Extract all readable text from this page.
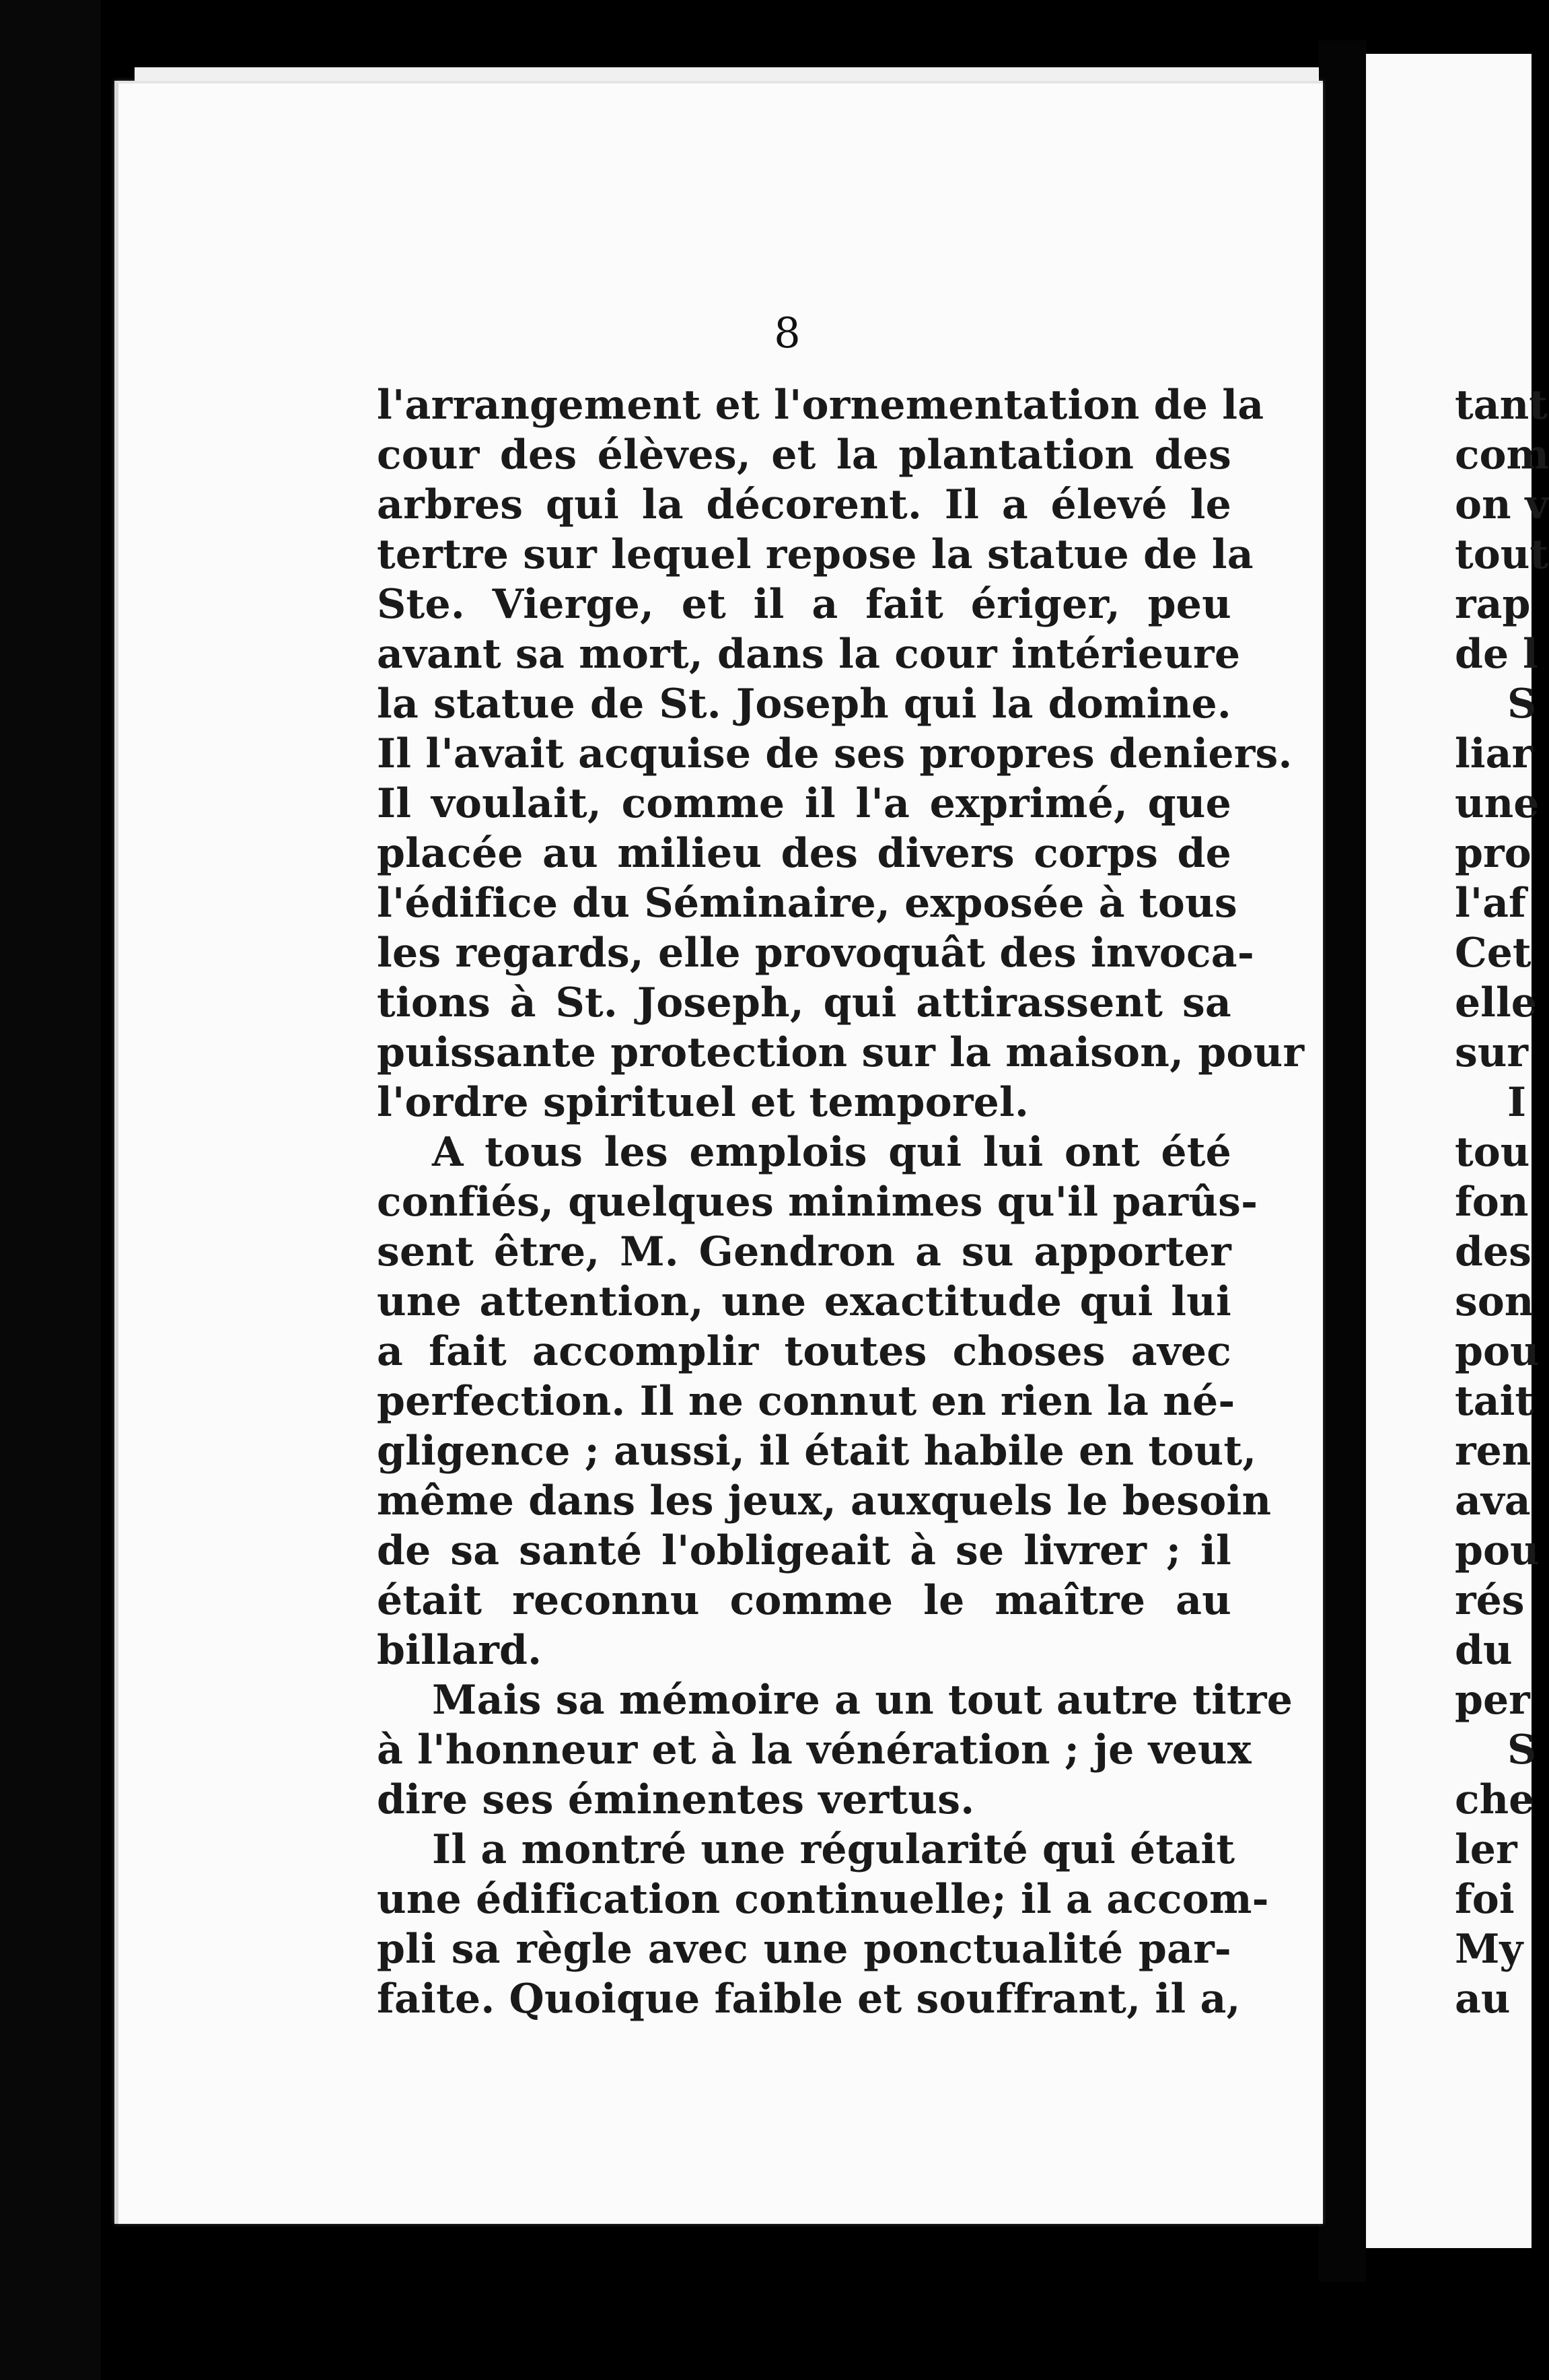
8
l'arrangement et l'ornementation de la
cour des élèves, et la plantation des
arbres qui la décorent. Il a élevé le
tertre sur lequel repose la statue de la
Ste. Vierge, et il a fait ériger, peu
avant sa mort, dans la cour intérieure
la statue de St. Joseph qui la domine.
Il l'avait acquise de ses propres deniers.
Il voulait, comme il l'a exprimé, que
placée au milieu des divers corps de
l'édifice du Séminaire, exposée à tous
les regards, elle provoquât des invoca-
tions à St. Joseph, qui attirassent sa
puissante protection sur la maison, pour
l'ordre spirituel et temporel.
A tous les emplois qui lui ont été
confiés, quelques minimes qu'il parûs-
sent être, M. Gendron a su apporter
une attention, une exactitude qui lui
a fait accomplir toutes choses avec
perfection. Il ne connut en rien la né-
gligence ; aussi, il était habile en tout,
même dans les jeux, auxquels le besoin
de sa santé l'obligeait à se livrer ; il
était reconnu comme le maître au
billard.
Mais sa mémoire a un tout autre titre
à l'honneur et à la vénération ; je veux
dire ses éminentes vertus.
Il a montré une régularité qui était
une édification continuelle; il a accom-
pli sa règle avec une ponctualité par-
faite. Quoique faible et souffrant, il a,
tant
com
on v
tout
rap
de l
S
liar
une
pro
l'af
Cet
elle
sur
I
tou
fon
des
son
pou
tait
ren
ava
pou
rés
du
per
S
che
ler
foi
My
au
